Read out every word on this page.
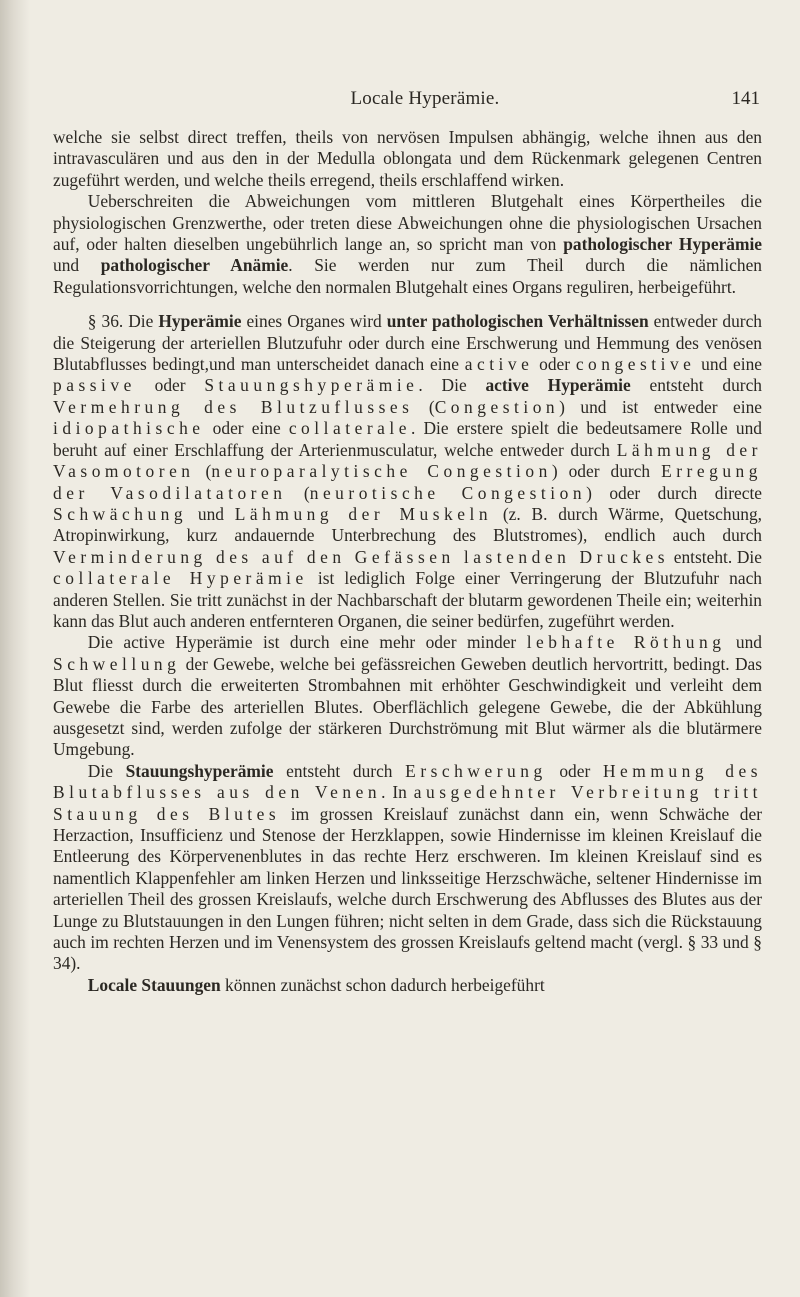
Locale Hyperämie.	141

welche sie selbst direct treffen, theils von nervösen Impulsen abhängig, welche ihnen aus den intravasculären und aus den in der Medulla oblongata und dem Rückenmark gelegenen Centren zugeführt werden, und welche theils erregend, theils erschlaffend wirken.

Ueberschreiten die Abweichungen vom mittleren Blutgehalt eines Körpertheiles die physiologischen Grenzwerthe, oder treten diese Abweichungen ohne die physiologischen Ursachen auf, oder halten dieselben ungebührlich lange an, so spricht man von pathologischer Hyperämie und pathologischer Anämie. Sie werden nur zum Theil durch die nämlichen Regulationsvorrichtungen, welche den normalen Blutgehalt eines Organs reguliren, herbeigeführt.

§ 36. Die Hyperämie eines Organes wird unter pathologischen Verhältnissen entweder durch die Steigerung der arteriellen Blutzufuhr oder durch eine Erschwerung und Hemmung des venösen Blutabflusses bedingt,und man unterscheidet danach eine active oder congestive und eine passive oder Stauungshyperämie. Die active Hyperämie entsteht durch Vermehrung des Blutzuflusses (Congestion) und ist entweder eine idiopathische oder eine collaterale. Die erstere spielt die bedeutsamere Rolle und beruht auf einer Erschlaffung der Arterienmusculatur, welche entweder durch Lähmung der Vasomotoren (neuroparalytische Congestion) oder durch Erregung der Vasodilatatoren (neurotische Congestion) oder durch directe Schwächung und Lähmung der Muskeln (z. B. durch Wärme, Quetschung, Atropinwirkung, kurz andauernde Unterbrechung des Blutstromes), endlich auch durch Verminderung des auf den Gefässen lastenden Druckes entsteht. Die collaterale Hyperämie ist lediglich Folge einer Verringerung der Blutzufuhr nach anderen Stellen. Sie tritt zunächst in der Nachbarschaft der blutarm gewordenen Theile ein; weiterhin kann das Blut auch anderen entfernteren Organen, die seiner bedürfen, zugeführt werden.

Die active Hyperämie ist durch eine mehr oder minder lebhafte Röthung und Schwellung der Gewebe, welche bei gefässreichen Geweben deutlich hervortritt, bedingt. Das Blut fliesst durch die erweiterten Strombahnen mit erhöhter Geschwindigkeit und verleiht dem Gewebe die Farbe des arteriellen Blutes. Oberflächlich gelegene Gewebe, die der Abkühlung ausgesetzt sind, werden zufolge der stärkeren Durchströmung mit Blut wärmer als die blutärmere Umgebung.

Die Stauungshyperämie entsteht durch Erschwerung oder Hemmung des Blutabflusses aus den Venen. In ausgedehnter Verbreitung tritt Stauung des Blutes im grossen Kreislauf zunächst dann ein, wenn Schwäche der Herzaction, Insufficienz und Stenose der Herzklappen, sowie Hindernisse im kleinen Kreislauf die Entleerung des Körpervenenblutes in das rechte Herz erschweren. Im kleinen Kreislauf sind es namentlich Klappenfehler am linken Herzen und linksseitige Herzschwäche, seltener Hindernisse im arteriellen Theil des grossen Kreislaufs, welche durch Erschwerung des Abflusses des Blutes aus der Lunge zu Blutstauungen in den Lungen führen; nicht selten in dem Grade, dass sich die Rückstauung auch im rechten Herzen und im Venensystem des grossen Kreislaufs geltend macht (vergl. § 33 und § 34).

Locale Stauungen können zunächst schon dadurch herbeigeführt
